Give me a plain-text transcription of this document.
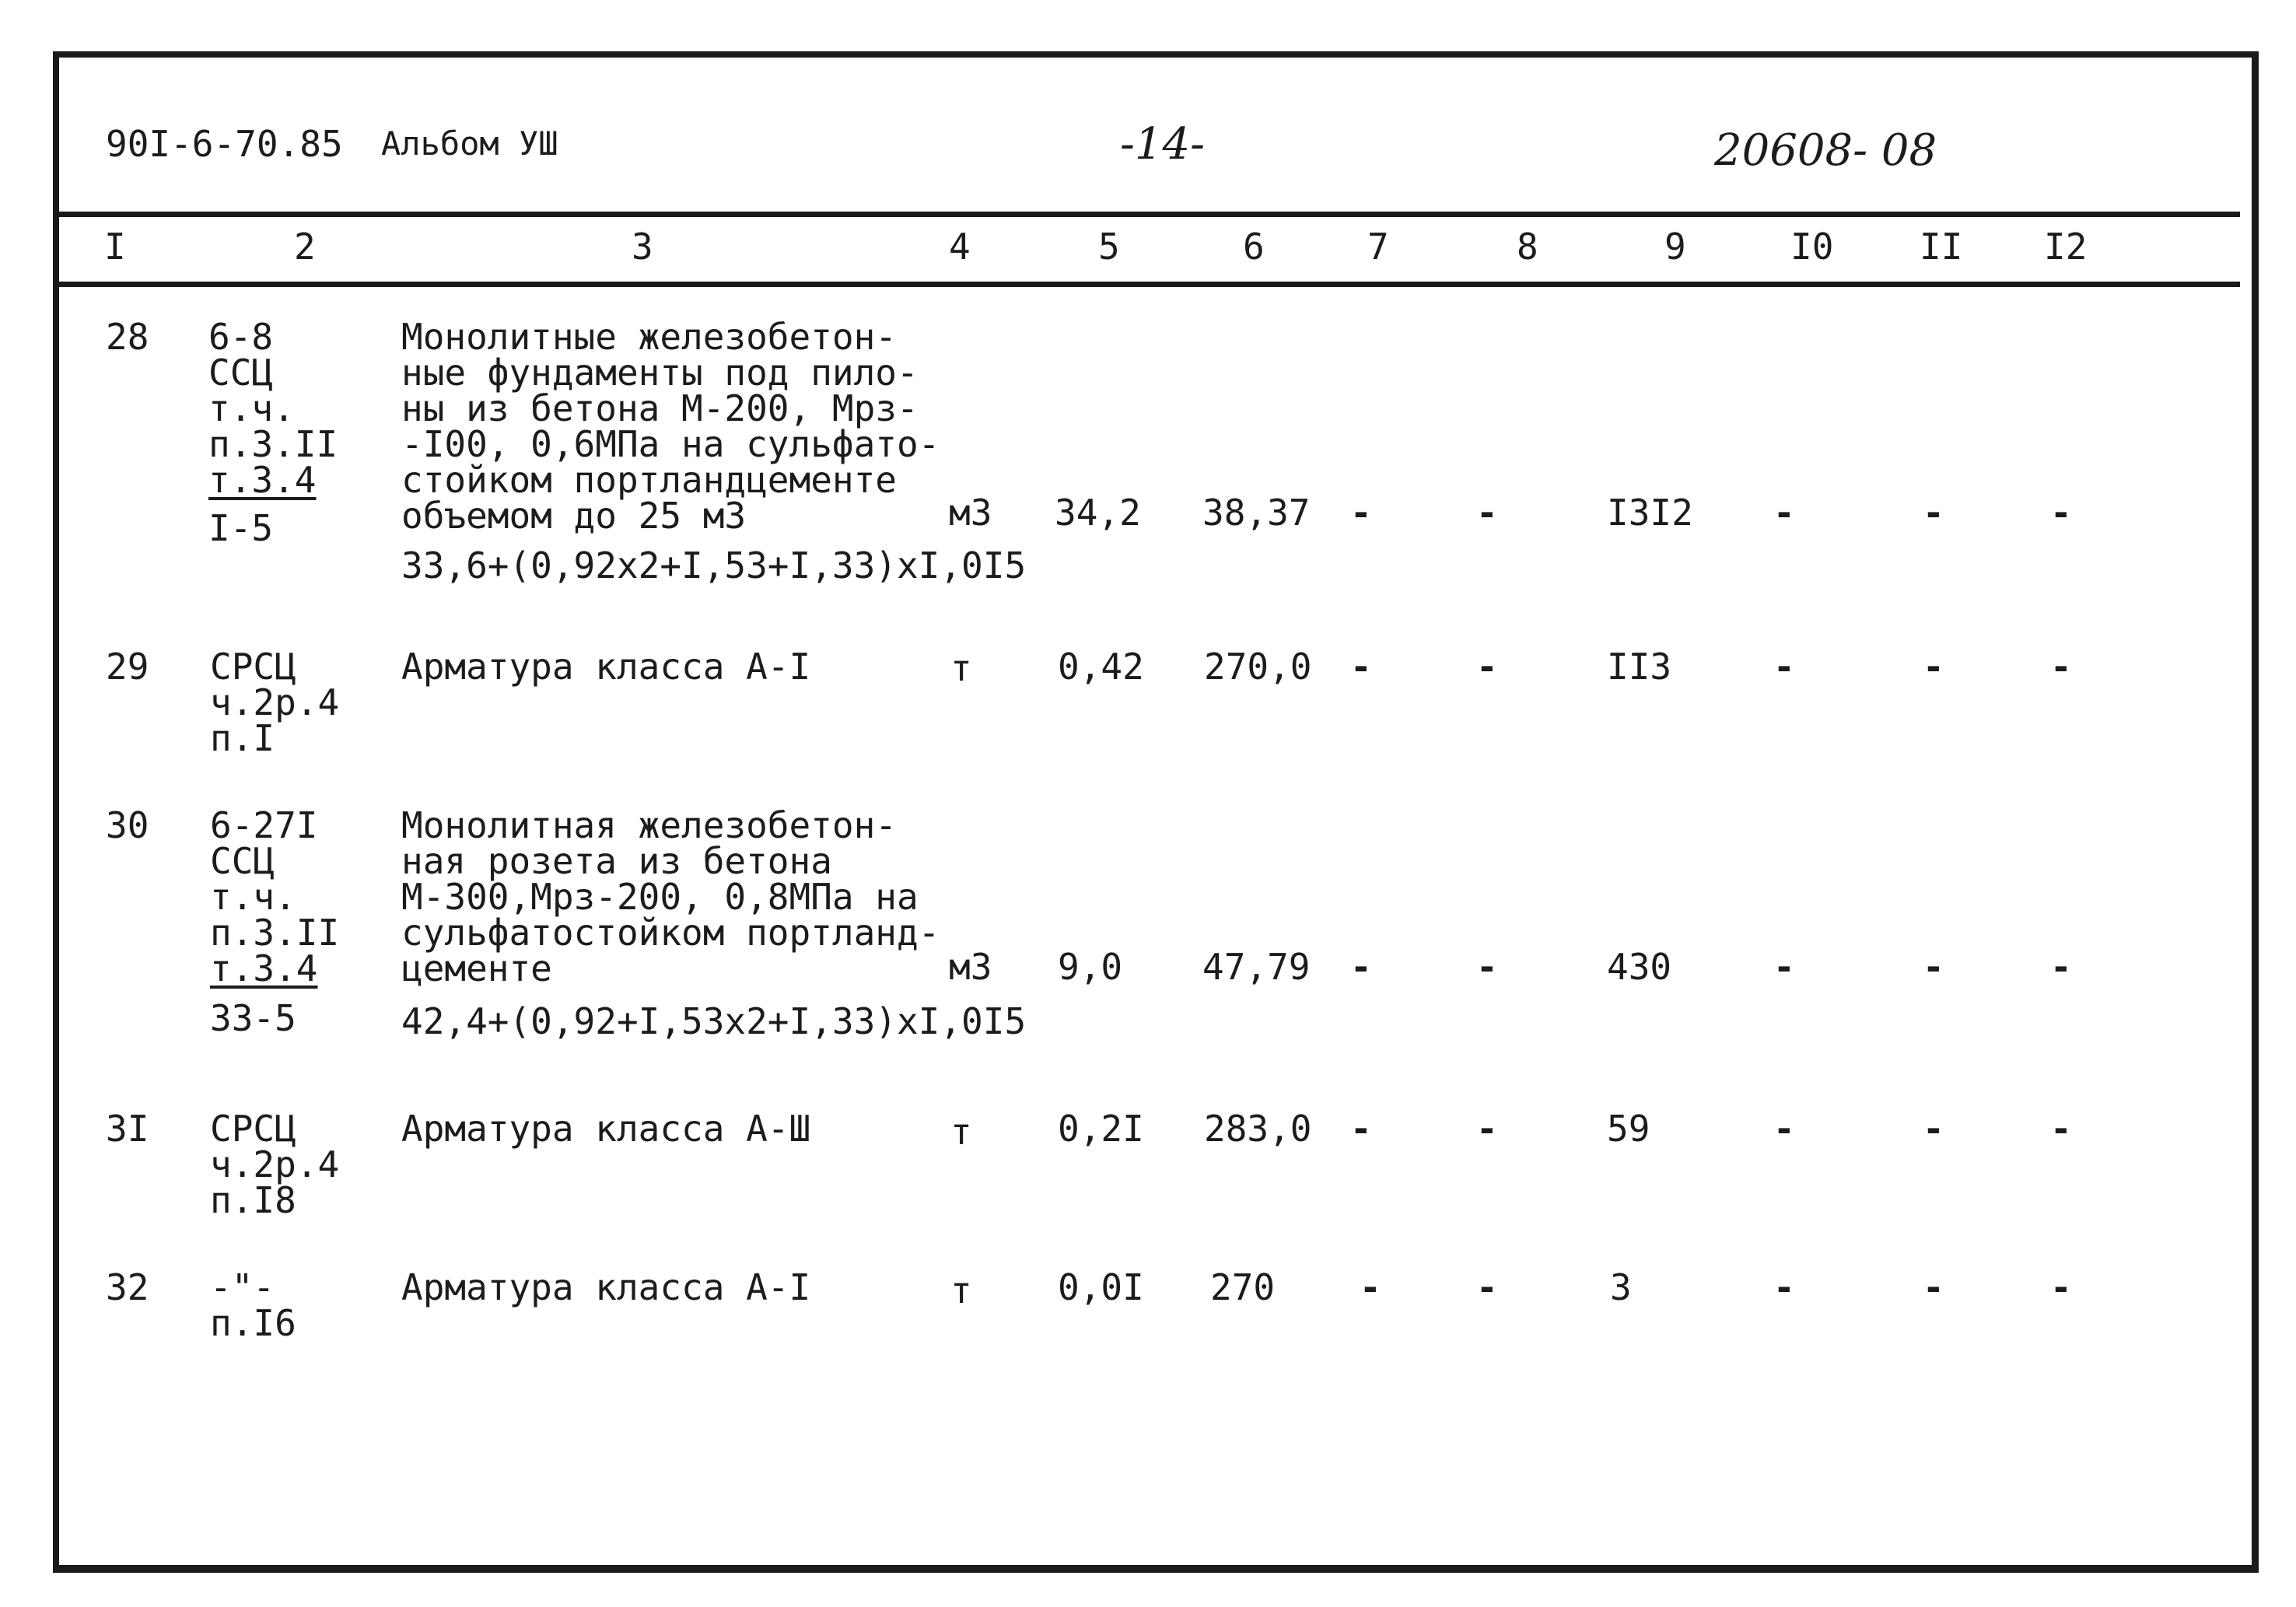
90I-6-70.85 Альбом УШ	-14-	20608- 08
I	2	3	4	5	6	7	8	9	I0 II I2
28 6-8
ССЦ
т.ч.
п.3.II
т.3.4
I-5
Монолитные железобетон-
ные фундаменты под пило-
ны из бетона М-200, Мрз-
-I00, 0,6МПа на сульфато-
стойком портландцементе
объемом до 25 м3
33,6+(0,92x2+I,53+I,33)xI,0I5
м3 34,2 38,37 -	-	I3I2 -	-	-
29 СРСЦ
ч.2р.4
п.I
Арматура класса А-I	т 0,42 270,0 -	-	II3	-	-	-
30 6-27I
ССЦ
т.ч.
п.3.II
т.3.4
33-5
Монолитная железобетон-
ная розета из бетона
М-300,Мрз-200, 0,8МПа на
сульфатостойком портланд-
цементе
42,4+(0,92+I,53x2+I,33)xI,0I5
м3 9,0 47,79 -	-	430	-	-	-
3I СРСЦ
ч.2р.4
п.I8
Арматура класса А-Ш	т 0,2I 283,0 -	-	59	-	-	-
32 -"-
п.I6
Арматура класса А-I	т 0,0I 270 -	-	3	-	-	-
